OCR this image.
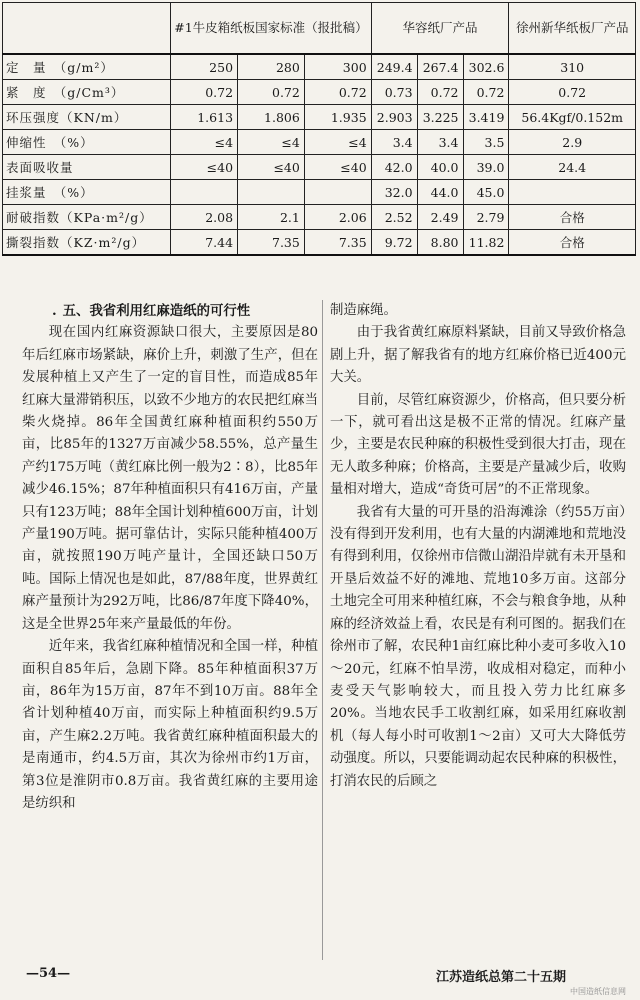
	#1牛皮箱纸板国家标准（报批稿）			华容纸厂产品			徐州新华纸板厂产品
定　量　（g/m²）	250	280	300	249.4	267.4	302.6	310
紧　度　（g/Cm³）	0.72	0.72	0.72	0.73	0.72	0.72	0.72
环压强度（KN/m）	1.613	1.806	1.935	2.903	3.225	3.419	56.4Kgf/0.152m
伸缩性　（%）	≤4	≤4	≤4	3.4	3.4	3.5	2.9
表面吸收量	≤40	≤40	≤40	42.0	40.0	39.0	24.4
挂浆量　（%）				32.0	44.0	45.0	
耐破指数（KPa·m²/g）	2.08	2.1	2.06	2.52	2.49	2.79	合格
撕裂指数（KZ·m²/g）	7.44	7.35	7.35	9.72	8.80	11.82	合格

. 五、我省利用红麻造纸的可行性

现在国内红麻资源缺口很大，主要原因是80年后红麻市场紧缺，麻价上升，刺激了生产，但在发展种植上又产生了一定的盲目性，而造成85年红麻大量滞销积压，以致不少地方的农民把红麻当柴火烧掉。86年全国黄红麻种植面积约550万亩，比85年的1327万亩减少58.55%，总产量生产约175万吨（黄红麻比例一般为2∶8），比85年减少46.15%；87年种植面积只有416万亩，产量只有123万吨；88年全国计划种植600万亩，计划产量190万吨。据可靠估计，实际只能种植400万亩，就按照190万吨产量计，全国还缺口50万吨。国际上情况也是如此，87/88年度，世界黄红麻产量预计为292万吨，比86/87年度下降40%，这是全世界25年来产量最低的年份。

近年来，我省红麻种植情况和全国一样，种植面积自85年后，急剧下降。85年种植面积37万亩，86年为15万亩，87年不到10万亩。88年全省计划种植40万亩，而实际上种植面积约9.5万亩，产生麻2.2万吨。我省黄红麻种植面积最大的是南通市，约4.5万亩，其次为徐州市约1万亩，第3位是淮阴市0.8万亩。我省黄红麻的主要用途是纺织和

制造麻绳。

由于我省黄红麻原料紧缺，目前又导致价格急剧上升，据了解我省有的地方红麻价格已近400元大关。

目前，尽管红麻资源少，价格高，但只要分析一下，就可看出这是极不正常的情况。红麻产量少，主要是农民种麻的积极性受到很大打击，现在无人敢多种麻；价格高，主要是产量减少后，收购量相对增大，造成“奇货可居”的不正常现象。

我省有大量的可开垦的沿海滩涂（约55万亩）没有得到开发利用，也有大量的内湖滩地和荒地没有得到利用，仅徐州市信微山湖沿岸就有未开垦和开垦后效益不好的滩地、荒地10多万亩。这部分土地完全可用来种植红麻，不会与粮食争地，从种麻的经济效益上看，农民是有利可图的。据我们在徐州市了解，农民种1亩红麻比种小麦可多收入10～20元，红麻不怕旱涝，收成相对稳定，而种小麦受天气影响较大，而且投入劳力比红麻多20%。当地农民手工收割红麻，如采用红麻收割机（每人每小时可收割1～2亩）又可大大降低劳动强度。所以，只要能调动起农民种麻的积极性，打消农民的后顾之

—54—	江苏造纸总第二十五期
中国造纸信息网
